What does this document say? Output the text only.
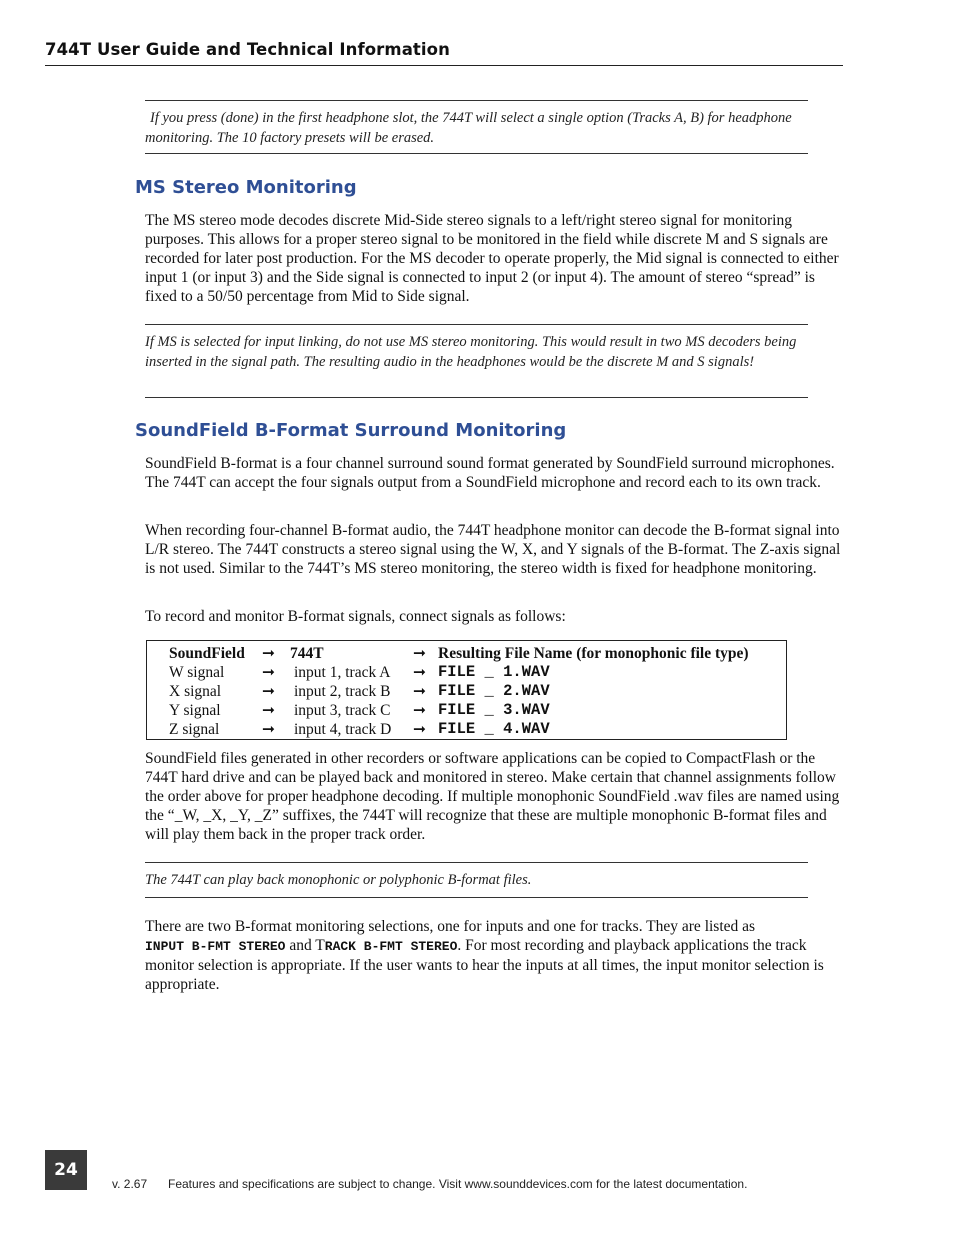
744T User Guide and Technical Information

If you press (done) in the first headphone slot, the 744T will select a single option (Tracks A, B) for headphone monitoring. The 10 factory presets will be erased.

MS Stereo Monitoring

The MS stereo mode decodes discrete Mid-Side stereo signals to a left/right stereo signal for monitoring purposes. This allows for a proper stereo signal to be monitored in the field while discrete M and S signals are recorded for later post production. For the MS decoder to operate properly, the Mid signal is connected to either input 1 (or input 3) and the Side signal is connected to input 2 (or input 4). The amount of stereo “spread” is fixed to a 50/50 percentage from Mid to Side signal.

If MS is selected for input linking, do not use MS stereo monitoring. This would result in two MS decoders being inserted in the signal path. The resulting audio in the headphones would be the discrete M and S signals!

SoundField B-Format Surround Monitoring

SoundField B-format is a four channel surround sound format generated by SoundField surround microphones. The 744T can accept the four signals output from a SoundField microphone and record each to its own track.

When recording four-channel B-format audio, the 744T headphone monitor can decode the B-format signal into L/R stereo. The 744T constructs a stereo signal using the W, X, and Y signals of the B-format. The Z-axis signal is not used. Similar to the 744T’s MS stereo monitoring, the stereo width is fixed for headphone monitoring.

To record and monitor B-format signals, connect signals as follows:

SoundField ➞ 744T	➞ Resulting File Name (for monophonic file type)
W signal ➞ input 1, track A ➞ FILE _ 1.WAV
X signal	➞ input 2, track B ➞ FILE _ 2.WAV
Y signal	➞ input 3, track C ➞ FILE _ 3.WAV
Z signal	➞ input 4, track D ➞ FILE _ 4.WAV

SoundField files generated in other recorders or software applications can be copied to CompactFlash or the 744T hard drive and can be played back and monitored in stereo. Make certain that channel assignments follow the order above for proper headphone decoding. If multiple monophonic SoundField .wav files are named using the “_W, _X, _Y, _Z” suffixes, the 744T will recognize that these are multiple monophonic B-format files and will play them back in the proper track order.

The 744T can play back monophonic or polyphonic B-format files.

There are two B-format monitoring selections, one for inputs and one for tracks. They are listed as
INPUT B-FMT STEREO and TRACK B-FMT STEREO. For most recording and playback applications the track monitor selection is appropriate. If the user wants to hear the inputs at all times, the input monitor selection is appropriate.

24
v. 2.67 Features and specifications are subject to change. Visit www.sounddevices.com for the latest documentation.
